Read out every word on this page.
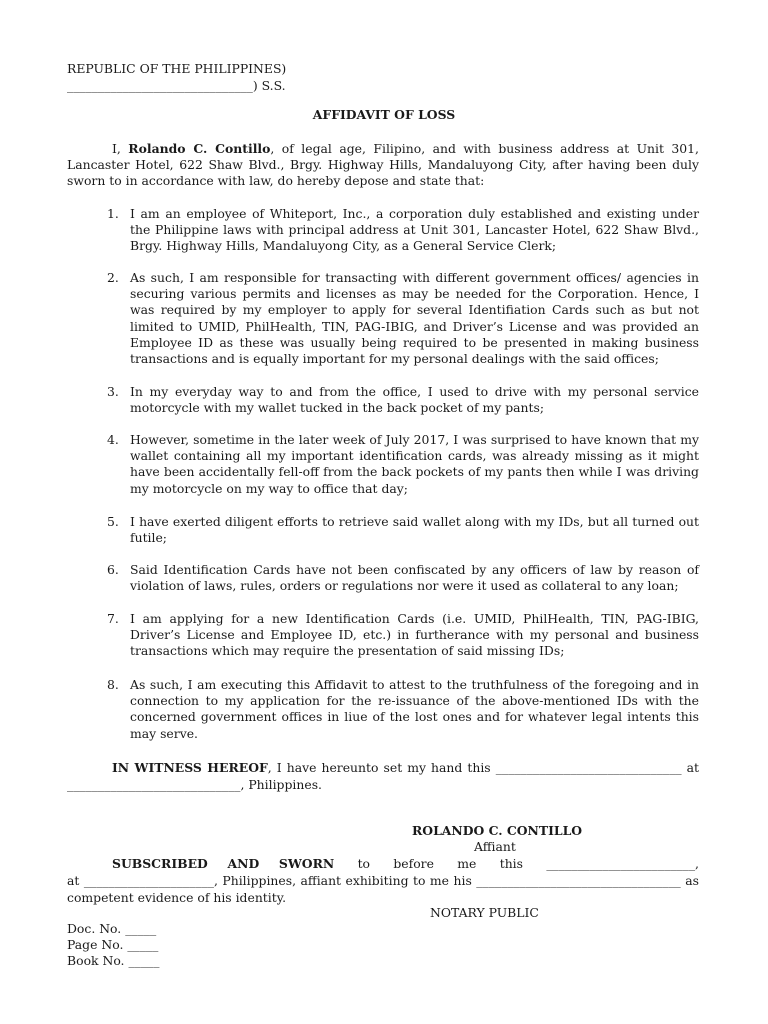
REPUBLIC OF THE PHILIPPINES)
______________________________) S.S.
AFFIDAVIT OF LOSS
I, Rolando C. Contillo, of legal age, Filipino, and with business address at Unit 301, Lancaster Hotel, 622 Shaw Blvd., Brgy. Highway Hills, Mandaluyong City, after having been duly sworn to in accordance with law, do hereby depose and state that:
1. I am an employee of Whiteport, Inc., a corporation duly established and existing under the Philippine laws with principal address at Unit 301, Lancaster Hotel, 622 Shaw Blvd., Brgy. Highway Hills, Mandaluyong City, as a General Service Clerk;
2. As such, I am responsible for transacting with different government offices/ agencies in securing various permits and licenses as may be needed for the Corporation. Hence, I was required by my employer to apply for several Identifiation Cards such as but not limited to UMID, PhilHealth, TIN, PAG-IBIG, and Driver’s License and was provided an Employee ID as these was usually being required to be presented in making business transactions and is equally important for my personal dealings with the said offices;
3. In my everyday way to and from the office, I used to drive with my personal service motorcycle with my wallet tucked in the back pocket of my pants;
4. However, sometime in the later week of July 2017, I was surprised to have known that my wallet containing all my important identification cards, was already missing as it might have been accidentally fell-off from the back pockets of my pants then while I was driving my motorcycle on my way to office that day;
5. I have exerted diligent efforts to retrieve said wallet along with my IDs, but all turned out futile;
6. Said Identification Cards have not been confiscated by any officers of law by reason of violation of laws, rules, orders or regulations nor were it used as collateral to any loan;
7. I am applying for a new Identification Cards (i.e. UMID, PhilHealth, TIN, PAG-IBIG, Driver’s License and Employee ID, etc.) in furtherance with my personal and business transactions which may require the presentation of said missing IDs;
8. As such, I am executing this Affidavit to attest to the truthfulness of the foregoing and in connection to my application for the re-issuance of the above-mentioned IDs with the concerned government offices in liue of the lost ones and for whatever legal intents this may serve.
IN WITNESS HEREOF, I have hereunto set my hand this ______________________________ at ____________________________, Philippines.
ROLANDO C. CONTILLO
Affiant
SUBSCRIBED AND SWORN to before me this ________________________, at _____________________, Philippines, affiant exhibiting to me his _________________________________ as competent evidence of his identity.
NOTARY PUBLIC
Doc. No. _____
Page No. _____
Book No. _____
